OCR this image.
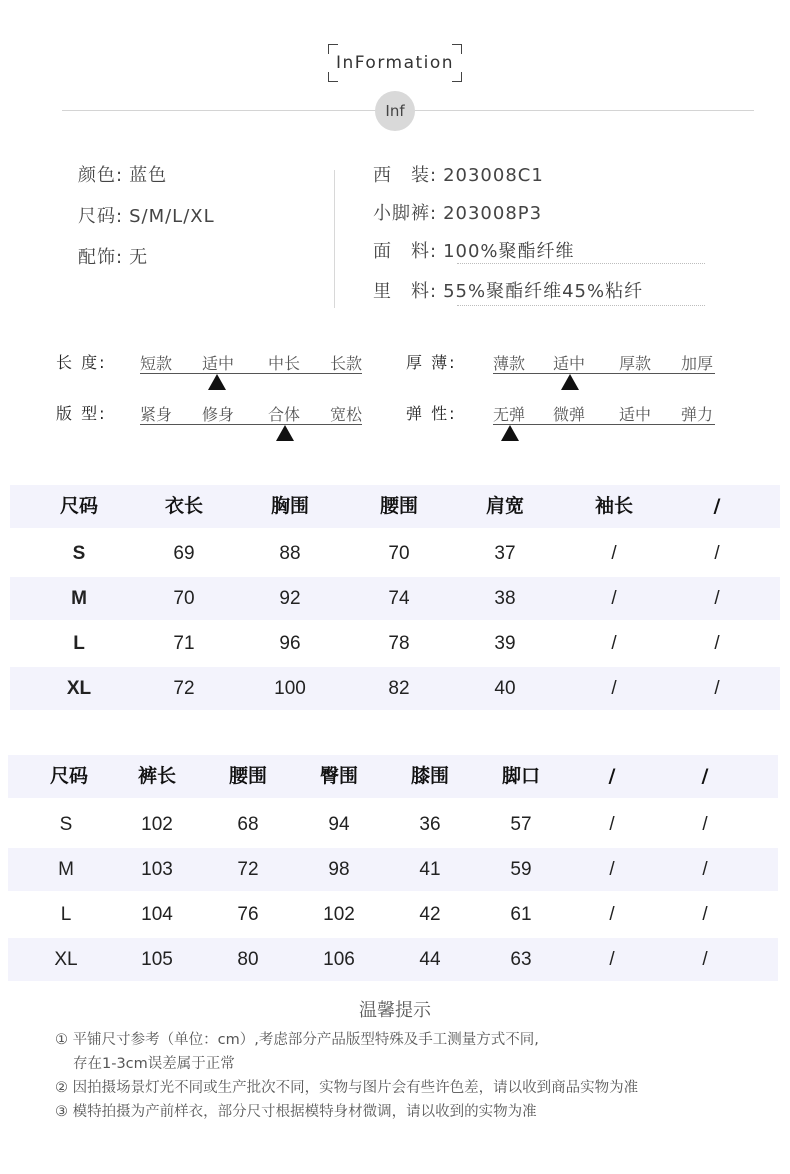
InFormation
Inf
颜色: 蓝色
尺码: S/M/L/XL
配饰: 无
西　装: 203008C1
小脚裤: 203008P3
面　料: 100%聚酯纤维
里　料: 55%聚酯纤维45%粘纤
长 度: 短款 适中 中长 长款	厚 薄: 薄款 适中 厚款 加厚
版 型: 紧身 修身 合体 宽松	弹 性: 无弹 微弹 适中 弹力
尺码	衣长	胸围	腰围	肩宽	袖长	/
S	69	88	70	37	/	/
M	70	92	74	38	/	/
L	71	96	78	39	/	/
XL	72	100	82	40	/	/
尺码	裤长	腰围	臀围	膝围	脚口	/	/
S	102	68	94	36	57	/	/
M	103	72	98	41	59	/	/
L	104	76	102	42	61	/	/
XL	105	80	106	44	63	/	/
温馨提示
① 平铺尺寸参考（单位：cm）,考虑部分产品版型特殊及手工测量方式不同,
存在1-3cm误差属于正常
② 因拍摄场景灯光不同或生产批次不同，实物与图片会有些许色差，请以收到商品实物为准
③ 模特拍摄为产前样衣，部分尺寸根据模特身材微调，请以收到的实物为准
